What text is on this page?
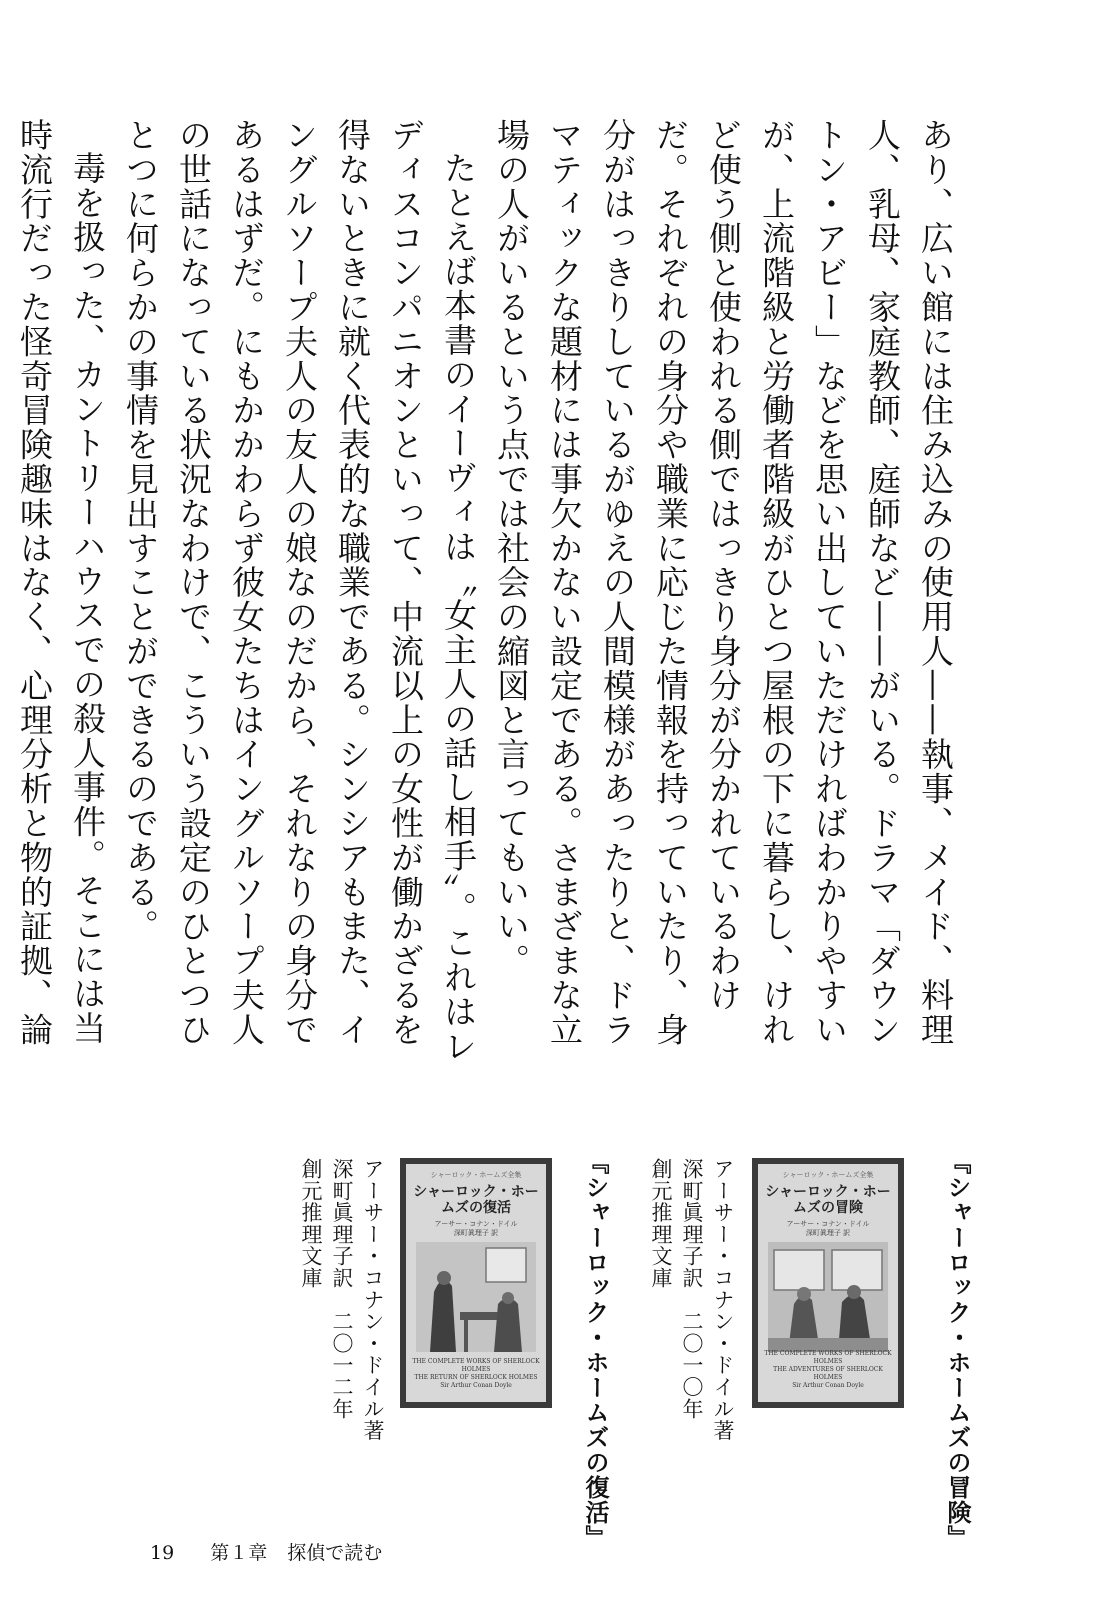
あり、広い館には住み込みの使用人——執事、メイド、料理人、乳母、家庭教師、庭師など——がいる。ドラマ「ダウントン・アビー」などを思い出していただければわかりやすいが、上流階級と労働者階級がひとつ屋根の下に暮らし、けれど使う側と使われる側ではっきり身分が分かれているわけだ。それぞれの身分や職業に応じた情報を持っていたり、身分がはっきりしているがゆえの人間模様があったりと、ドラマティックな題材には事欠かない設定である。さまざまな立場の人がいるという点では社会の縮図と言ってもいい。

たとえば本書のイーヴィは〝女主人の話し相手〟。これはレディスコンパニオンといって、中流以上の女性が働かざるを得ないときに就く代表的な職業である。シンシアもまた、イングルソープ夫人の友人の娘なのだから、それなりの身分であるはずだ。にもかかわらず彼女たちはイングルソープ夫人の世話になっている状況なわけで、こういう設定のひとつひとつに何らかの事情を見出すことができるのである。

毒を扱った、カントリーハウスでの殺人事件。そこには当時流行だった怪奇冒険趣味はなく、心理分析と物的証拠、論

『シャーロック・ホームズの冒険』
シャーロック・ホームズ全集
シャーロック・ホームズの冒険
アーサー・コナン・ドイル
深町眞理子 訳
THE COMPLETE WORKS OF SHERLOCK HOLMES
THE ADVENTURES OF SHERLOCK HOLMES
Sir Arthur Conan Doyle
アーサー・コナン・ドイル著　深町眞理子訳　二〇一〇年　創元推理文庫
『シャーロック・ホームズの復活』
シャーロック・ホームズ全集
シャーロック・ホームズの復活
アーサー・コナン・ドイル
深町眞理子 訳
THE COMPLETE WORKS OF SHERLOCK HOLMES
THE RETURN OF SHERLOCK HOLMES
Sir Arthur Conan Doyle
アーサー・コナン・ドイル著　深町眞理子訳　二〇一二年　創元推理文庫
19 第１章 探偵で読む
